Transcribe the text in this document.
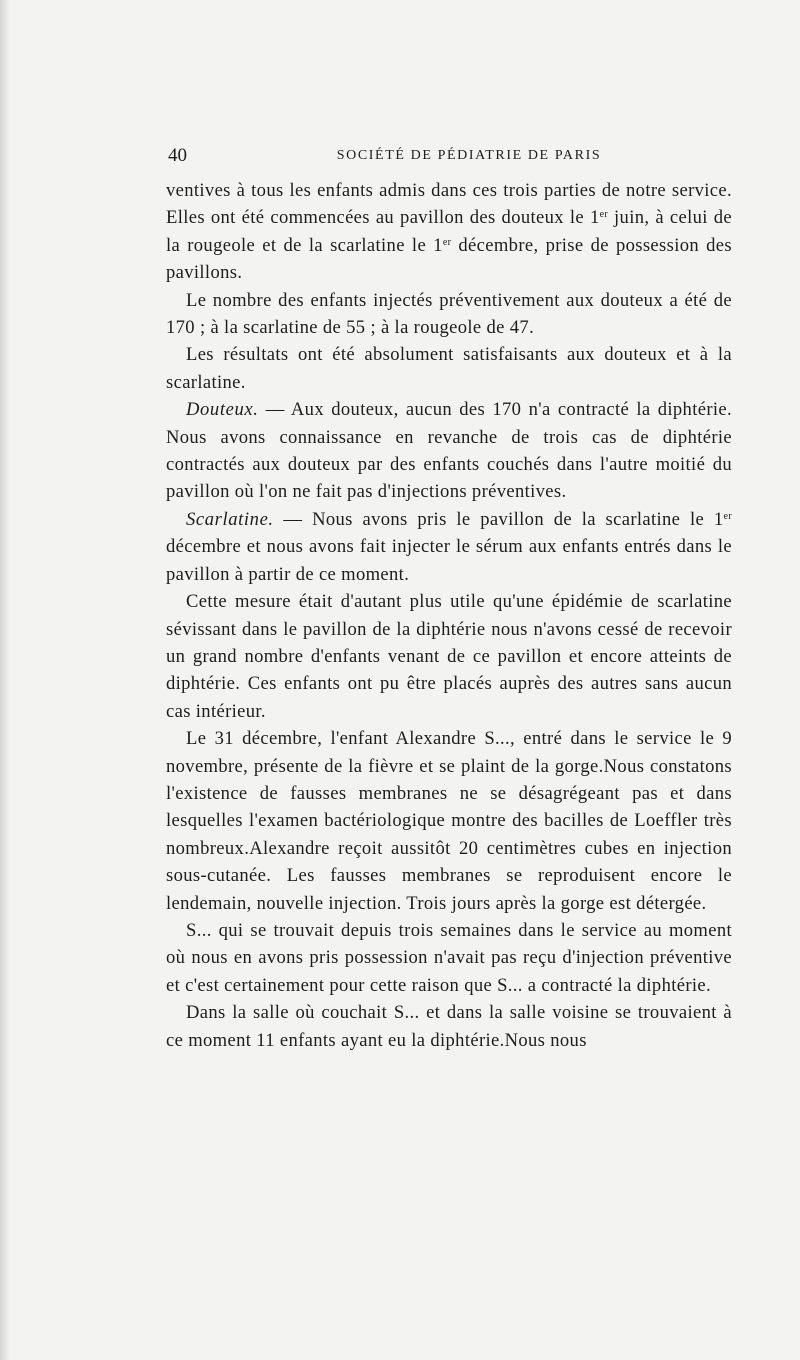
40	SOCIÉTÉ DE PÉDIATRIE DE PARIS

ventives à tous les enfants admis dans ces trois parties de notre service. Elles ont été commencées au pavillon des douteux le 1er juin, à celui de la rougeole et de la scarlatine le 1er décembre, prise de possession des pavillons.

Le nombre des enfants injectés préventivement aux douteux a été de 170 ; à la scarlatine de 55 ; à la rougeole de 47.

Les résultats ont été absolument satisfaisants aux douteux et à la scarlatine.

Douteux. — Aux douteux, aucun des 170 n'a contracté la diphtérie. Nous avons connaissance en revanche de trois cas de diphtérie contractés aux douteux par des enfants couchés dans l'autre moitié du pavillon où l'on ne fait pas d'injections préventives.

Scarlatine. — Nous avons pris le pavillon de la scarlatine le 1er décembre et nous avons fait injecter le sérum aux enfants entrés dans le pavillon à partir de ce moment.

Cette mesure était d'autant plus utile qu'une épidémie de scarlatine sévissant dans le pavillon de la diphtérie nous n'avons cessé de recevoir un grand nombre d'enfants venant de ce pavillon et encore atteints de diphtérie. Ces enfants ont pu être placés auprès des autres sans aucun cas intérieur.

Le 31 décembre, l'enfant Alexandre S..., entré dans le service le 9 novembre, présente de la fièvre et se plaint de la gorge.Nous constatons l'existence de fausses membranes ne se désagrégeant pas et dans lesquelles l'examen bactériologique montre des bacilles de Loeffler très nombreux.Alexandre reçoit aussitôt 20 centimètres cubes en injection sous-cutanée. Les fausses membranes se reproduisent encore le lendemain, nouvelle injection. Trois jours après la gorge est détergée.

S... qui se trouvait depuis trois semaines dans le service au moment où nous en avons pris possession n'avait pas reçu d'injection préventive et c'est certainement pour cette raison que S... a contracté la diphtérie.

Dans la salle où couchait S... et dans la salle voisine se trouvaient à ce moment 11 enfants ayant eu la diphtérie.Nous nous
